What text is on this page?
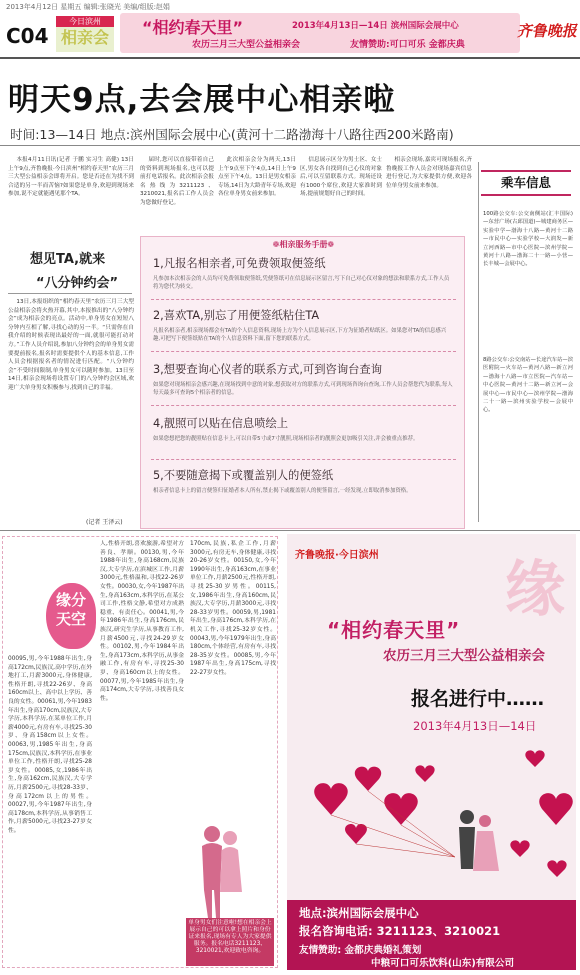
2013年4月12日 星期五 编辑:张晓光 美编/组版:赵娟
C04
今日滨州
相亲会
“相约春天里”	2013年4月13日—14日 滨州国际会展中心
农历三月三大型公益相亲会	友情赞助:可口可乐 金都庆典
齐鲁晚报
明天9点,去会展中心相亲啦
时间:13—14日 地点:滨州国际会展中心(黄河十二路渤海十八路往西200米路南)

本报4月11日讯(记者 于鹏 实习生 高健) 13日上午9点,齐鲁晚报·今日滨州“相约春天里”农历三月三大型公益相亲会即将开启。您是否还在为找不到合适的另一半而苦恼?如果您是单身,欢迎到现场来参加,说不定就能遇见那个TA。

届时,您可以直接带着自己的资料到现场报名,也可以提前打电话报名。此次相亲会报名热线为3211123、3210021,报名后工作人员会为您做好登记。

此次相亲会分为两天,13日上午9点至下午4点,14日上午9点至下午4点。13日是男女相亲专场,14日为大龄青年专场,欢迎各位单身男女前来参加。

信息展示区分为男士区、女士区,男女各自找到自己心仪的对象后,可以互留联系方式。现场还设有1000个席位,欢迎大家准时到场,提前规划好自己的时间。

相亲会现场,嘉宾可现场报名,齐鲁晚报工作人员会对现场嘉宾信息进行登记,为大家提供方便,欢迎各位单身男女前来参加。

想见TA,就来
“八分钟约会”

13日,本报组织的“相约春天里”农历三月三大型公益相亲会将火热开幕,其中,本报推出的“八分钟约会”成为相亲会的亮点。活动中,单身男女在短短八分钟内互相了解,寻找心动的另一半。“只需你在自我介绍的时候表现出最好的一面,就很可能打动对方。”工作人员介绍说,参加八分钟约会的单身男女需要提前报名,报名时需要提供个人的基本信息,工作人员会根据报名者的情况进行匹配。“八分钟约会”不受时间限制,单身男女可以随时参加。13日至14日,相亲会现场将设置专门的八分钟约会区域,欢迎广大单身男女积极参与,找到自己的幸福。

(记者 王泽云)
❁相亲服务手册❁
1,凡报名相亲者,可免费领取便签纸
凡参加本次相亲会的人员均可免费领取便签纸,凭便签纸可在信息展示区留言,写下自己对心仪对象的想法和联系方式,工作人员将为您代为转交。
2,喜欢TA,别忘了用便签纸粘住TA
凡报名相亲者,相亲现场都会有TA的个人信息资料,现场上方为个人信息展示区,下方为征婚者贴纸区。如果您对TA的信息感兴趣,可把写下便签纸贴在TA的个人信息资料下面,留下您的联系方式。
3,想要查询心仪者的联系方式,可到咨询台查询
如果您对现场相亲会感兴趣,在现场找到中意的对象,想获取对方的联系方式,可到现场咨询台查询,工作人员会帮您代为联系,每人每天最多可查询5个相亲者的信息。
4,靓照可以贴在信息喷绘上
如果您想把您的靓照贴在信息卡上,可以自带5寸或7寸靓照,现场相亲者的靓照会更加吸引关注,并会被重点推荐。
5,不要随意揭下或覆盖别人的便签纸
相亲者信息卡上的留言便签归征婚者本人所有,禁止揭下或覆盖别人的便签留言,一经发现,立即取消参加资格。
乘车信息
100路公交车:公交南侧站(汇丰国际)—东营广场(古邱国道)—城建商务区—实验中学—渤海十八路—黄河十二路—市民中心—实验学校—大润发—新立河西路—市中心医院—滨州学院—黄河十八路—渤海二十一路—小营—长丰城—会展中心。
8路公交车:公交南站—长途汽车站—滨医附院—火车站—黄河八路—新立河—渤海十八路—市立医院—汽车站—中心医院—黄河十二路—新立河—会展中心—市民中心—滨州学院—渤海二十一路—滨州实验学校—会展中心。
缘分
天空
00095,男,今年1988年出生,身高172cm,民族汉,高中学历,在外地打工,月薪3000元,身体健康,性格开朗,寻找22-26岁、身高160cm以上、高中以上学历、善良的女性。00061,男,今年1983年出生,身高170cm,民族汉,大专学历,本科学历,在某单位工作,月薪4000元,有房有车,寻找25-30岁、身高158cm以上女性。00063,男,1985年出生,身高175cm,民族汉,本科学历,在事业单位工作,性格开朗,寻找25-28岁女性。00085,女,1986年出生,身高162cm,民族汉,大专学历,月薪2500元,寻找28-33岁、身高172cm以上的男性。00027,男,今年1987年出生,身高178cm,本科学历,从事销售工作,月薪5000元,寻找23-27岁女性。
人,性格开朗,喜欢旅游,希望对方善良、孝顺。00130,男,今年1988年出生,身高168cm,民族汉,大专学历,在滨城区工作,月薪3000元,性格温和,寻找22-26岁女性。00030,女,今年1987年出生,身高163cm,本科学历,在某公司工作,性格文静,希望对方成熟稳重、有责任心。00041,男,今年1986年出生,身高176cm,民族汉,研究生学历,从事教育工作,月薪4500元,寻找24-29岁女性。00102,男,今年1984年出生,身高173cm,本科学历,从事金融工作,有房有车,寻找25-30岁、身高160cm以上的女性。00077,男,今年1985年出生,身高174cm,大专学历,寻找善良女性。
170cm,民族,私企工作,月薪3000元,有房无车,身体健康,寻找20-26岁女性。00150,女,今年1990年出生,身高163cm,在事业单位工作,月薪2500元,性格开朗,寻找25-30岁男性。00115,女,1986年出生,身高160cm,民族汉,大专学历,月薪3000元,寻找28-33岁男性。00059,男,1981年出生,身高176cm,本科学历,在机关工作,寻找25-32岁女性。00043,男,今年1979年出生,身高180cm,个体经营,有房有车,寻找28-35岁女性。00085,男,今年1987年出生,身高175cm,寻找22-27岁女性。
单身男女们注意啦!想在相亲会上展示自己的可以拿上照片和身份证来报名,现场有专人为大家提供服务。报名电话3211123、3210021,欢迎致电咨询。
齐鲁晚报·今日滨州 缘
“相约春天里”
农历三月三大型公益相亲会
报名进行中……
2013年4月13日—14日
地点:滨州国际会展中心
报名咨询电话: 3211123、3210021
友情赞助: 金都庆典婚礼策划
中粮可口可乐饮料(山东)有限公司
